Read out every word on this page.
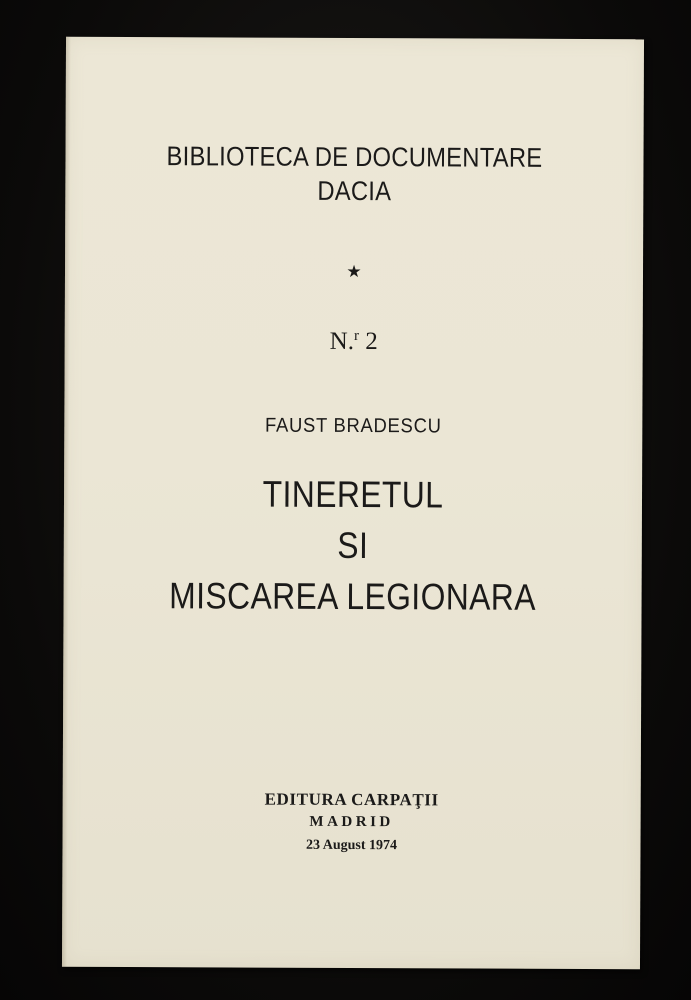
BIBLIOTECA DE DOCUMENTARE
DACIA
★
N.$^r$ 2
FAUST BRADESCU
TINERETUL
SI
MISCAREA LEGIONARA
EDITURA CARPAŢII
MADRID
23 August 1974
